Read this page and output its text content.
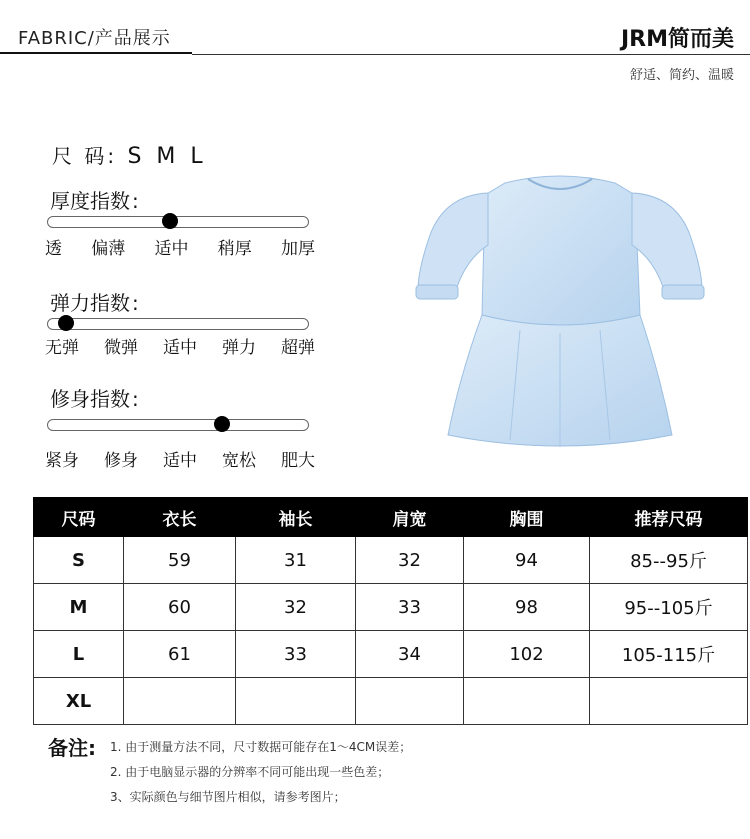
FABRIC/产品展示	JRM简而美
舒适、简约、温暖
尺 码: S M L
厚度指数 :
透 偏薄 适中 稍厚 加厚
弹力指数 :
无弹 微弹 适中 弹力 超弹
修身指数 :
紧身 修身 适中 宽松 肥大
尺码	衣长	袖长	肩宽	胸围	推荐尺码
S	59	31	32	94	85--95斤
M	60	32	33	98	95--105斤
L	61	33	34	102	105-115斤
XL					
备注: 1. 由于测量方法不同，尺寸数据可能存在1～4CM误差；
2. 由于电脑显示器的分辨率不同可能出现一些色差；
3、实际颜色与细节图片相似，请参考图片；
